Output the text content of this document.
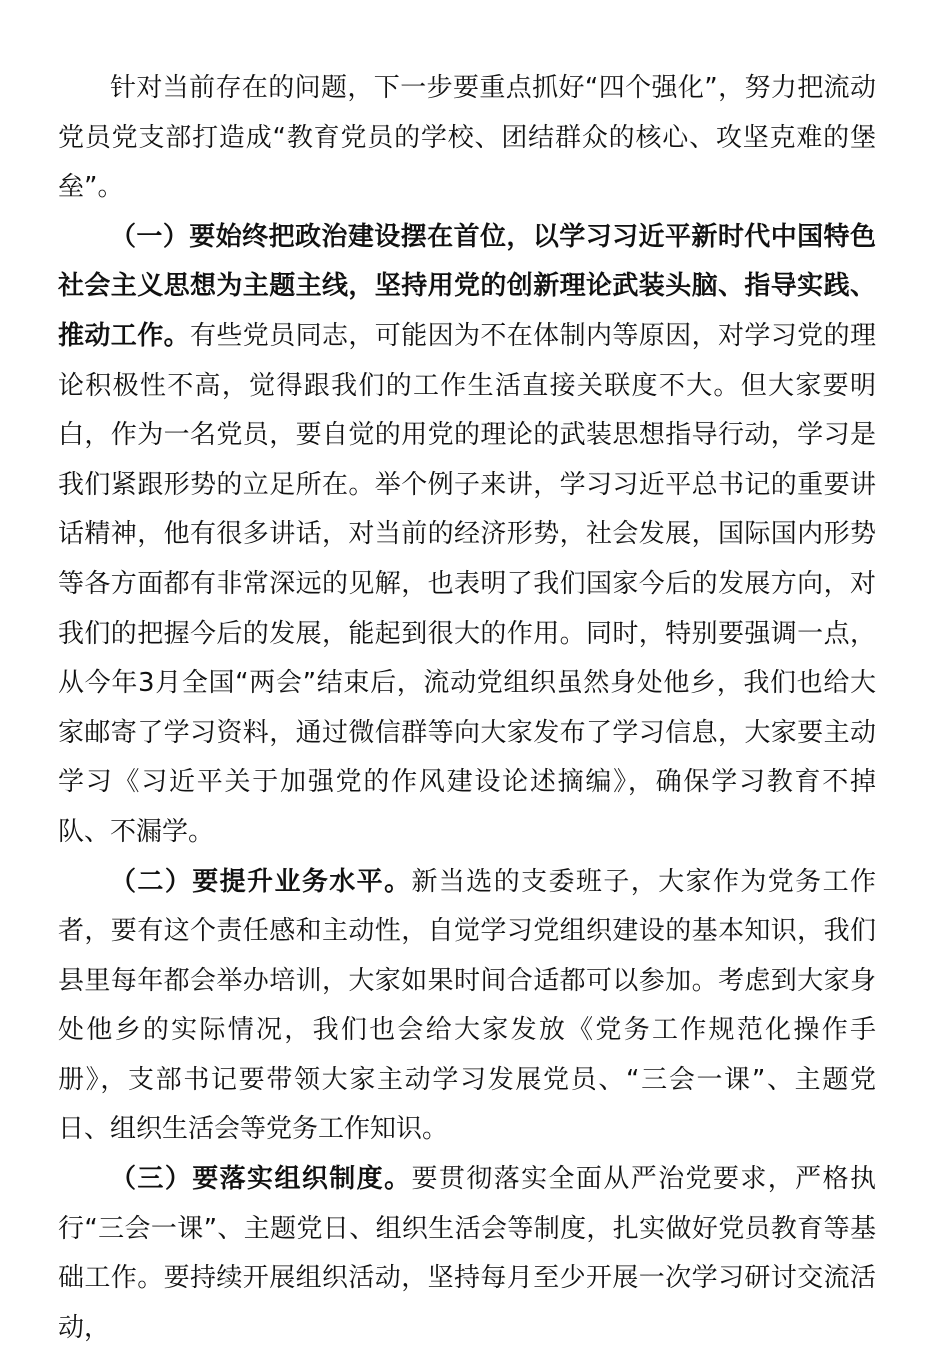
针对当前存在的问题，下一步要重点抓好“四个强化”，努力把流动党员党支部打造成“教育党员的学校、团结群众的核心、攻坚克难的堡垒”。

（一）要始终把政治建设摆在首位，以学习习近平新时代中国特色社会主义思想为主题主线，坚持用党的创新理论武装头脑、指导实践、推动工作。有些党员同志，可能因为不在体制内等原因，对学习党的理论积极性不高，觉得跟我们的工作生活直接关联度不大。但大家要明白，作为一名党员，要自觉的用党的理论的武装思想指导行动，学习是我们紧跟形势的立足所在。举个例子来讲，学习习近平总书记的重要讲话精神，他有很多讲话，对当前的经济形势，社会发展，国际国内形势等各方面都有非常深远的见解，也表明了我们国家今后的发展方向，对我们的把握今后的发展，能起到很大的作用。同时，特别要强调一点，从今年3月全国“两会”结束后，流动党组织虽然身处他乡，我们也给大家邮寄了学习资料，通过微信群等向大家发布了学习信息，大家要主动学习《习近平关于加强党的作风建设论述摘编》，确保学习教育不掉队、不漏学。

（二）要提升业务水平。新当选的支委班子，大家作为党务工作者，要有这个责任感和主动性，自觉学习党组织建设的基本知识，我们县里每年都会举办培训，大家如果时间合适都可以参加。考虑到大家身处他乡的实际情况，我们也会给大家发放《党务工作规范化操作手册》，支部书记要带领大家主动学习发展党员、“三会一课”、主题党日、组织生活会等党务工作知识。

（三）要落实组织制度。要贯彻落实全面从严治党要求，严格执行“三会一课”、主题党日、组织生活会等制度，扎实做好党员教育等基础工作。要持续开展组织活动，坚持每月至少开展一次学习研讨交流活动，
